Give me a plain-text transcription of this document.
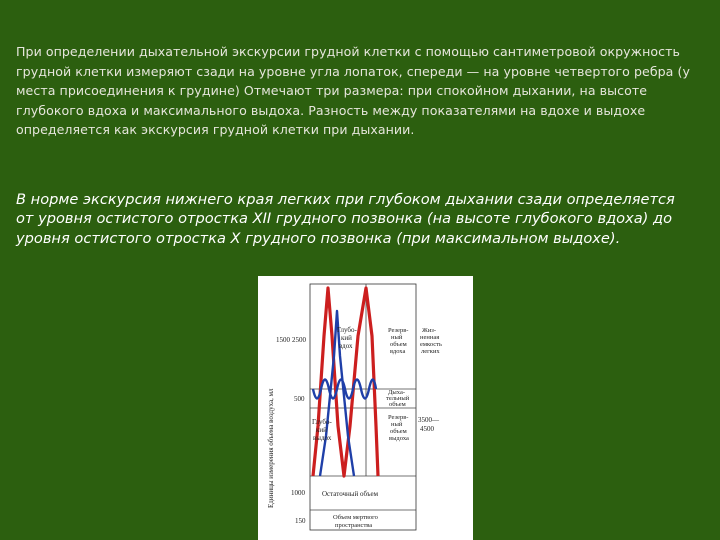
При определении дыхательной экскурсии грудной клетки с помощью сантиметровой окружность грудной клетки измеряют сзади на уровне угла лопаток, спереди — на уровне четвертого ребра (у места присоединения к грудине) Отмечают три размера: при спокойном дыхании, на высоте глубокого вдоха и максимального выдоха. Разность между показателями на вдохе и выдохе определяется как экскурсия грудной клетки при дыхании.
В норме экскурсия нижнего края легких при глубоком дыхании сзади определяется от уровня остистого отростка XII грудного позвонка (на высоте глубокого вдоха) до уровня остистого отростка X грудного позвонка (при максимальном выдохе).
Единицы измерения объема воздуха, мл
1500 2500
500
1000
150
Глубо-
кий
вдох
Резерв-
ный
объем
вдоха
Жиз-
ненная
емкость
легких
Дыха-
тельный
объем
Глубо-
кий
выдох
Резерв-
ный
объем
выдоха
3500—
4500
Остаточный объем
Объем мертвого
пространства
